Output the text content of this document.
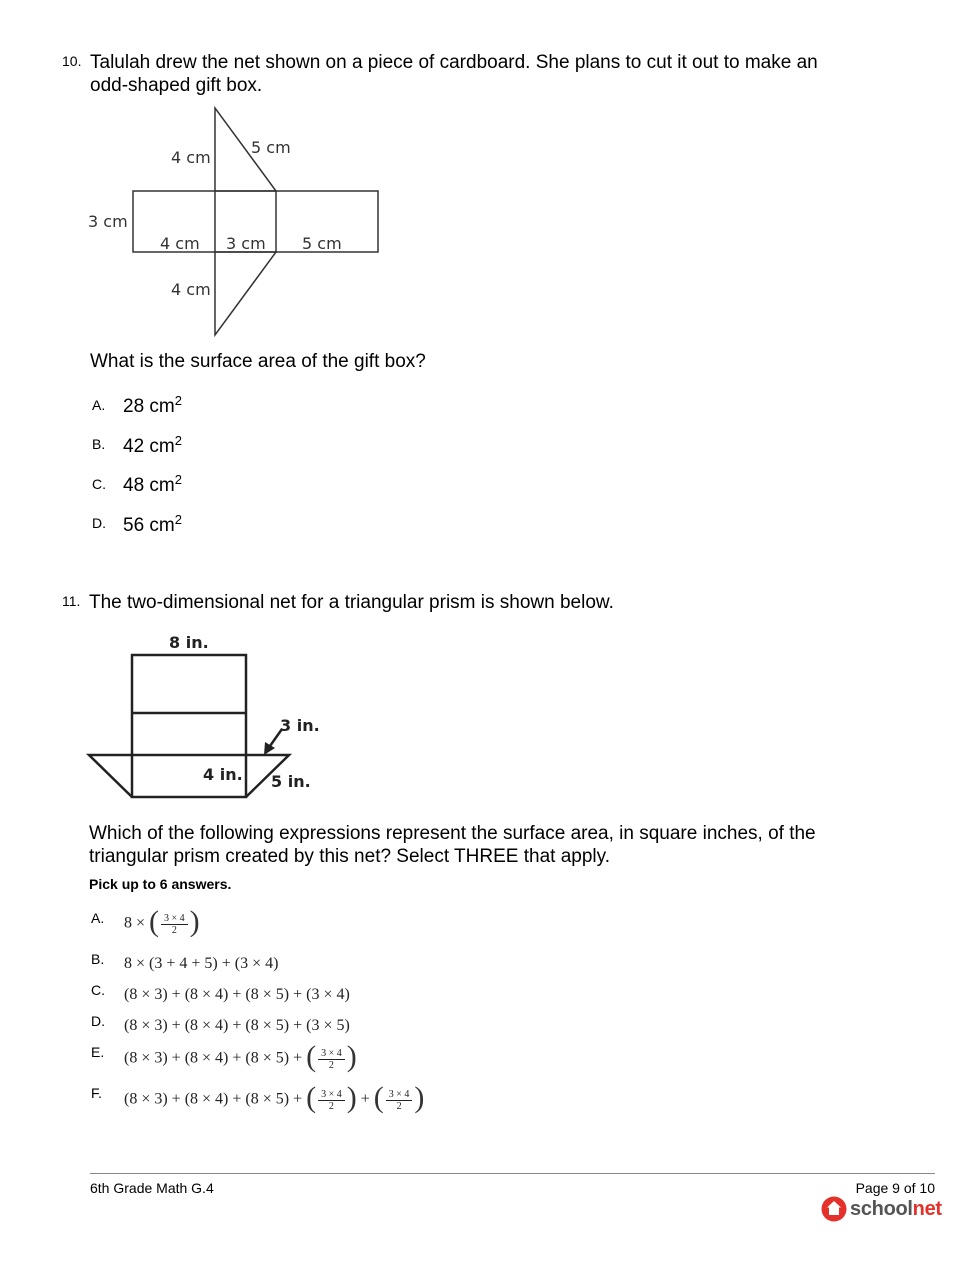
10. Talulah drew the net shown on a piece of cardboard. She plans to cut it out to make an
odd-shaped gift box.
4 cm
5 cm
3 cm
4 cm 3 cm 5 cm
4 cm
What is the surface area of the gift box?
A. 28 $cm^2$
B. 42 $cm^2$
C. 48 $cm^2$
D. 56 $cm^2$
11. The two-dimensional net for a triangular prism is shown below.
8 in.
3 in.
4 in. 5 in.
Which of the following expressions represent the surface area, in square inches, of the
triangular prism created by this net? Select THREE that apply.
Pick up to 6 answers.
A. 8 × ( $\frac{3 \times 4}{2}$ )
B. 8 × (3 + 4 + 5) + (3 × 4)
C. (8 × 3) + (8 × 4) + (8 × 5) + (3 × 4)
D. (8 × 3) + (8 × 4) + (8 × 5) + (3 × 5)
E. (8 × 3) + (8 × 4) + (8 × 5) + ( $\frac{3 \times 4}{2}$ )
F. (8 × 3) + (8 × 4) + (8 × 5) + ( $\frac{3 \times 4}{2}$ ) + ( $\frac{3 \times 4}{2}$ )
6th Grade Math G.4	Page 9 of 10
schoolnet
